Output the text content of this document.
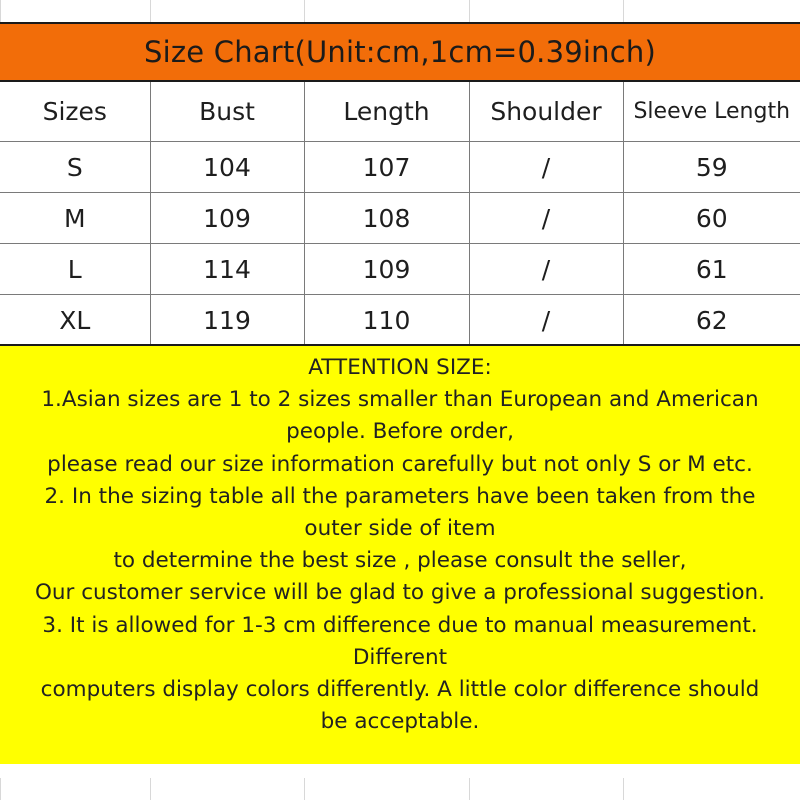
Size Chart(Unit:cm,1cm=0.39inch)
Sizes	Bust	Length	Shoulder	Sleeve Length
S	104	107	/	59
M	109	108	/	60
L	114	109	/	61
XL	119	110	/	62
ATTENTION SIZE:
1.Asian sizes are 1 to 2 sizes smaller than European and American
people. Before order,
please read our size information carefully but not only S or M etc.
2. In the sizing table all the parameters have been taken from the
outer side of item
to determine the best size , please consult the seller,
Our customer service will be glad to give a professional suggestion.
3. It is allowed for 1-3 cm difference due to manual measurement.
Different
computers display colors differently. A little color difference should
be acceptable.
